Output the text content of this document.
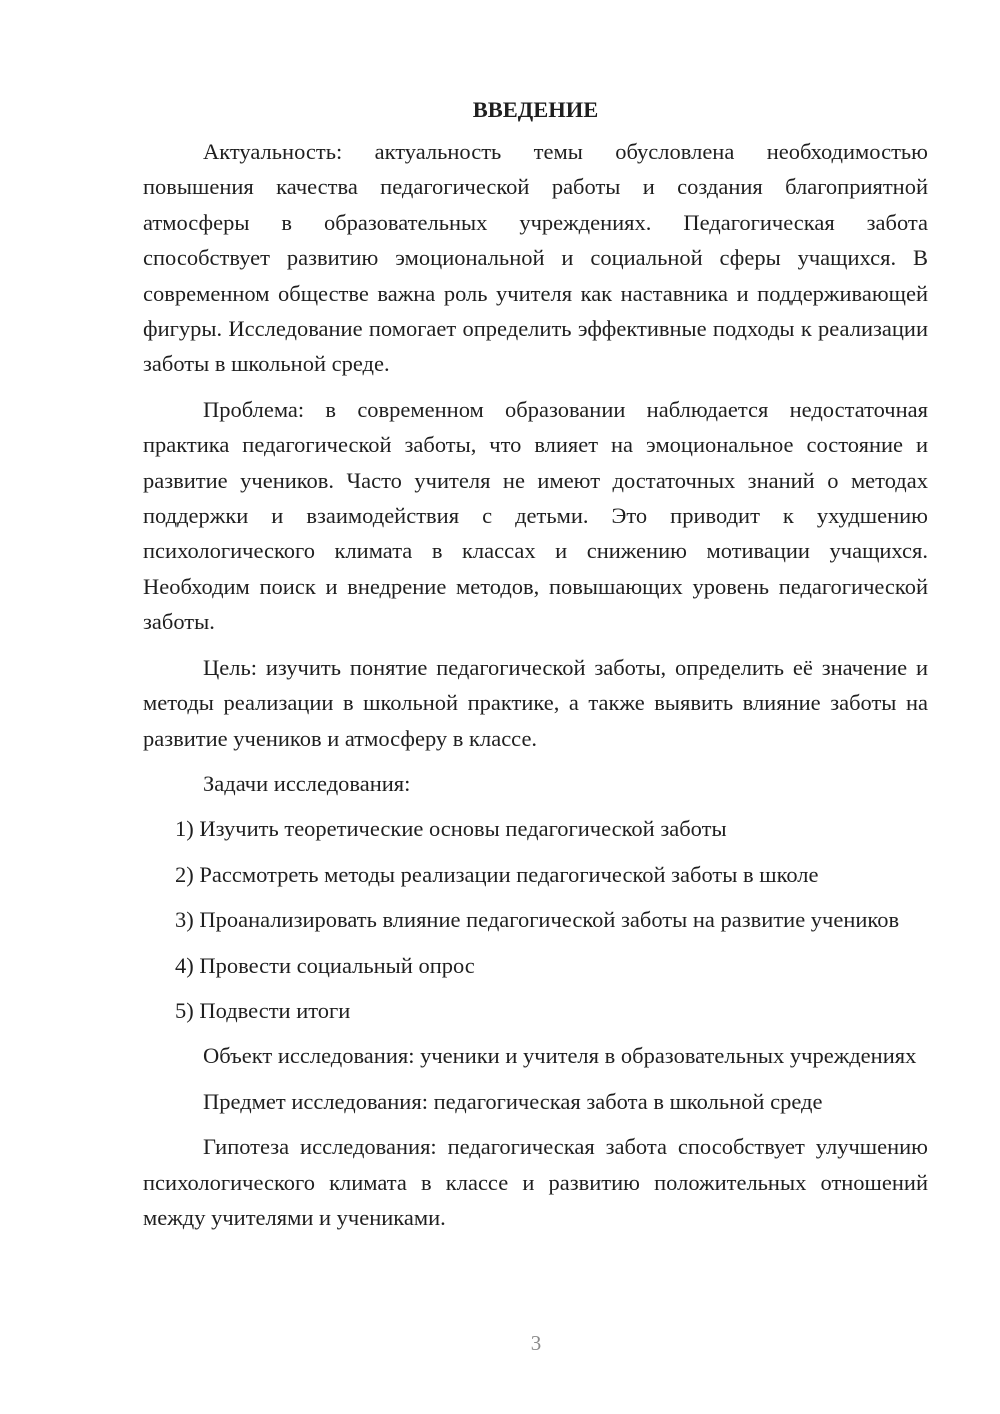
ВВЕДЕНИЕ

Актуальность: актуальность темы обусловлена необходимостью повышения качества педагогической работы и создания благоприятной атмосферы в образовательных учреждениях. Педагогическая забота способствует развитию эмоциональной и социальной сферы учащихся. В современном обществе важна роль учителя как наставника и поддерживающей фигуры. Исследование помогает определить эффективные подходы к реализации заботы в школьной среде.

Проблема: в современном образовании наблюдается недостаточная практика педагогической заботы, что влияет на эмоциональное состояние и развитие учеников. Часто учителя не имеют достаточных знаний о методах поддержки и взаимодействия с детьми. Это приводит к ухудшению психологического климата в классах и снижению мотивации учащихся. Необходим поиск и внедрение методов, повышающих уровень педагогической заботы.

Цель: изучить понятие педагогической заботы, определить её значение и методы реализации в школьной практике, а также выявить влияние заботы на развитие учеников и атмосферу в классе.

Задачи исследования:

1) Изучить теоретические основы педагогической заботы

2) Рассмотреть методы реализации педагогической заботы в школе

3) Проанализировать влияние педагогической заботы на развитие учеников

4) Провести социальный опрос

5) Подвести итоги

Объект исследования: ученики и учителя в образовательных учреждениях

Предмет исследования: педагогическая забота в школьной среде

Гипотеза исследования: педагогическая забота способствует улучшению психологического климата в классе и развитию положительных отношений между учителями и учениками.

3
